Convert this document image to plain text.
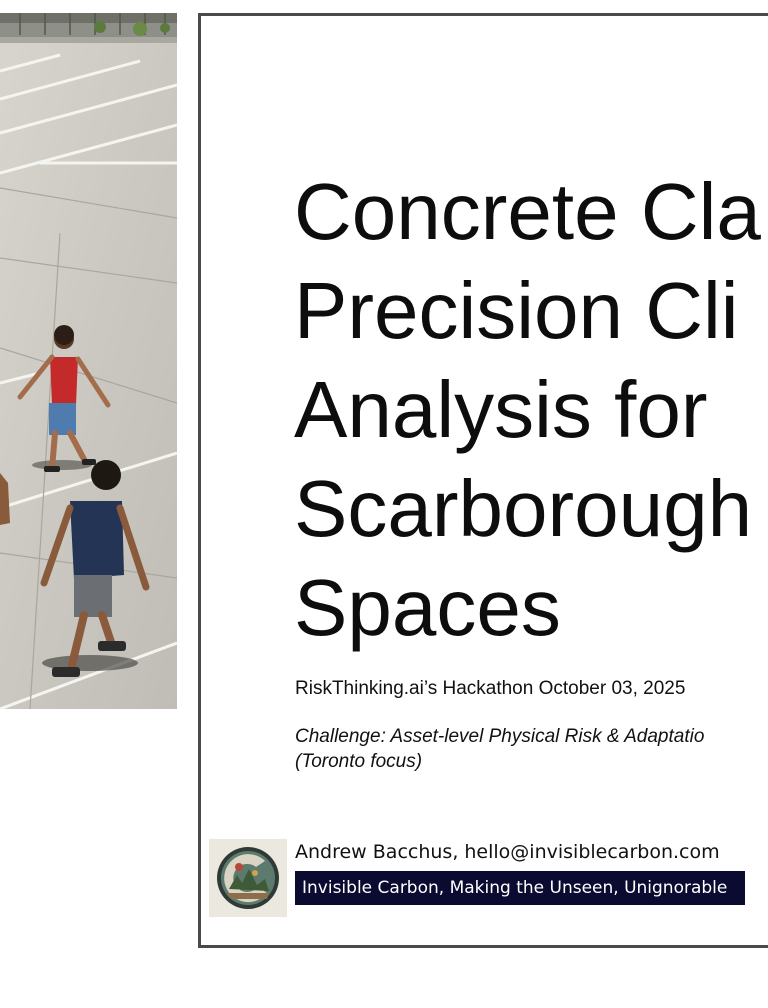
Concrete Cla
Precision Cli
Analysis for
Scarborough
Spaces

RiskThinking.ai’s Hackathon October 03, 2025

Challenge: Asset-level Physical Risk & Adaptatio
(Toronto focus)

Andrew Bacchus, hello@invisiblecarbon.com

Invisible Carbon, Making the Unseen, Unignorable
